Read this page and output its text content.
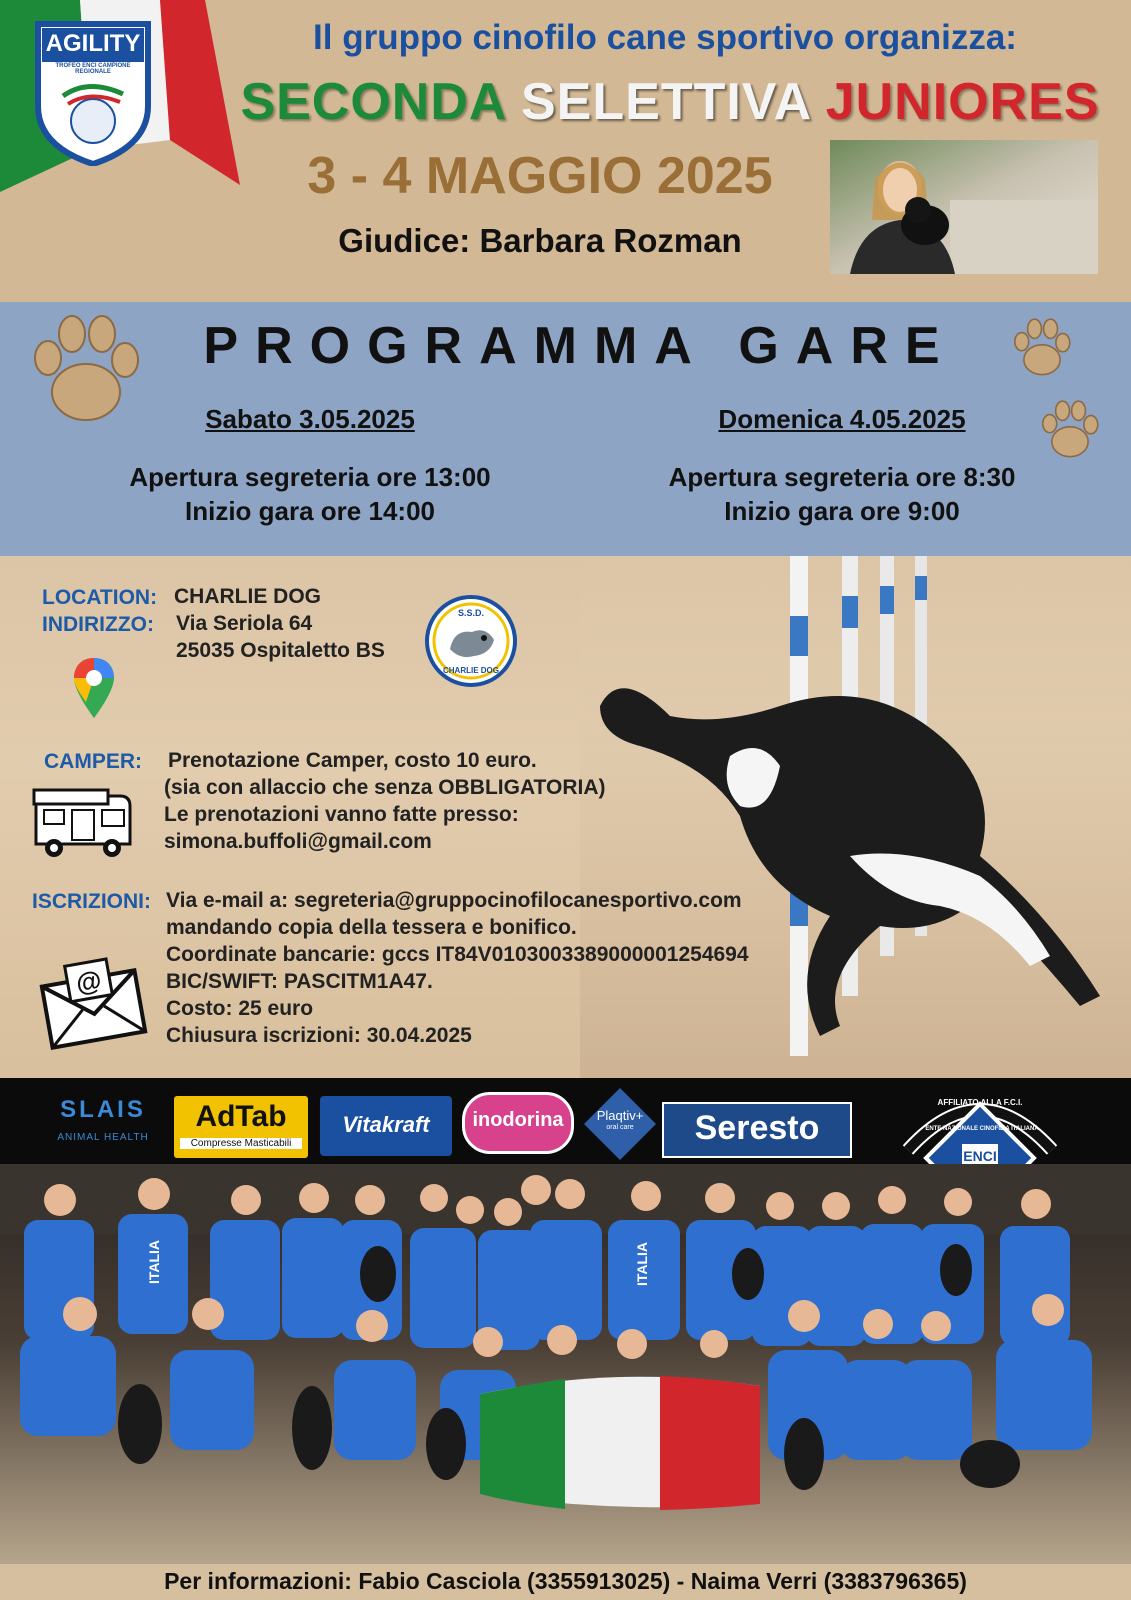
AGILITY
TROFEO ENCI CAMPIONE REGIONALE
Il gruppo cinofilo cane sportivo organizza:
SECONDA SELETTIVA JUNIORES
3 - 4 MAGGIO 2025
Giudice: Barbara Rozman
PROGRAMMA GARE
Sabato 3.05.2025
Apertura segreteria ore 13:00
Inizio gara ore 14:00
Domenica 4.05.2025
Apertura segreteria ore 8:30
Inizio gara ore 9:00
LOCATION: CHARLIE DOG
INDIRIZZO: Via Seriola 64
25035 Ospitaletto BS
S.S.D.
CHARLIE DOG
CAMPER: Prenotazione Camper, costo 10 euro.
(sia con allaccio che senza OBBLIGATORIA)
Le prenotazioni vanno fatte presso:
simona.buffoli@gmail.com
ISCRIZIONI: Via e-mail a: segreteria@gruppocinofilocanesportivo.com
mandando copia della tessera e bonifico.
Coordinate bancarie: gccs IT84V0103003389000001254694
BIC/SWIFT: PASCITM1A47.
Costo: 25 euro
Chiusura iscrizioni: 30.04.2025
@
SLAIS
ANIMAL HEALTH
AdTab
Compresse Masticabili
Vitakraft	inodorina	Plaqtiv+
oral care	Seresto
ENCI
AFFILIATO ALLA F.C.I.
ENTE NAZIONALE CINOFILIA ITALIANA
ITALIA	ITALIA
Per informazioni: Fabio Casciola (3355913025) - Naima Verri (3383796365)
